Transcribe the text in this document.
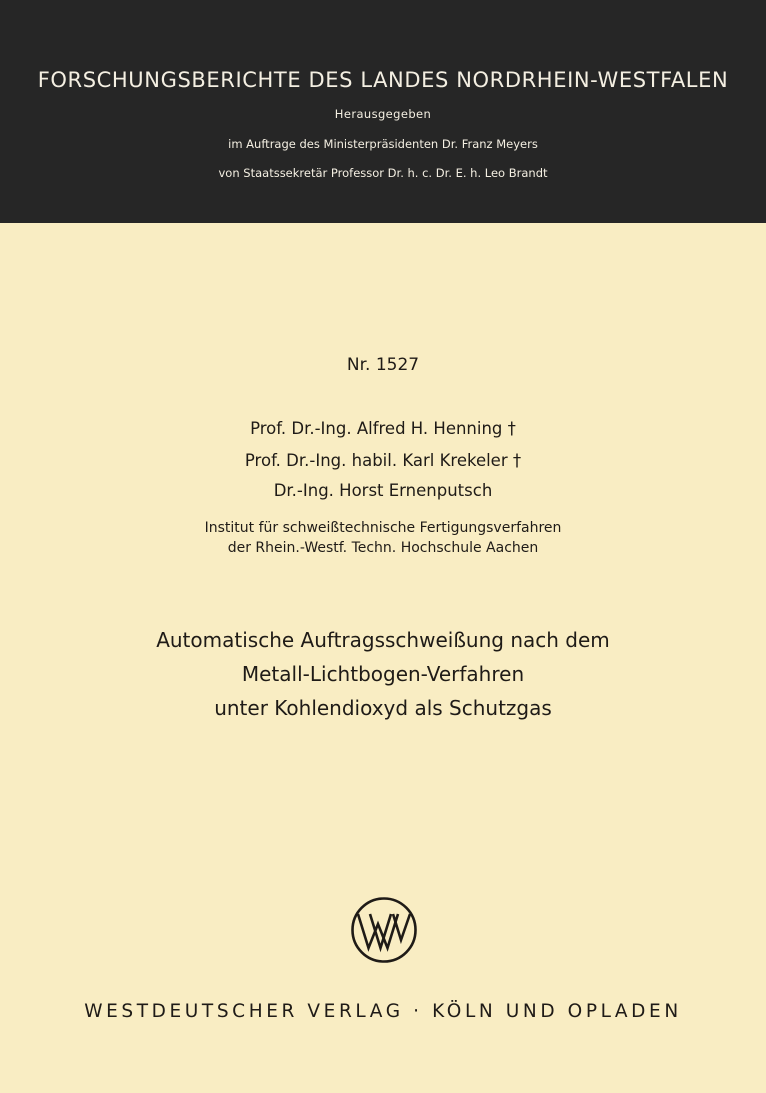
FORSCHUNGSBERICHTE DES LANDES NORDRHEIN-WESTFALEN
Herausgegeben
im Auftrage des Ministerpräsidenten Dr. Franz Meyers
von Staatssekretär Professor Dr. h. c. Dr. E. h. Leo Brandt
Nr. 1527
Prof. Dr.-Ing. Alfred H. Henning †
Prof. Dr.-Ing. habil. Karl Krekeler †
Dr.-Ing. Horst Ernenputsch
Institut für schweißtechnische Fertigungsverfahren
der Rhein.-Westf. Techn. Hochschule Aachen
Automatische Auftragsschweißung nach dem
Metall-Lichtbogen-Verfahren
unter Kohlendioxyd als Schutzgas
WESTDEUTSCHER VERLAG · KÖLN UND OPLADEN
